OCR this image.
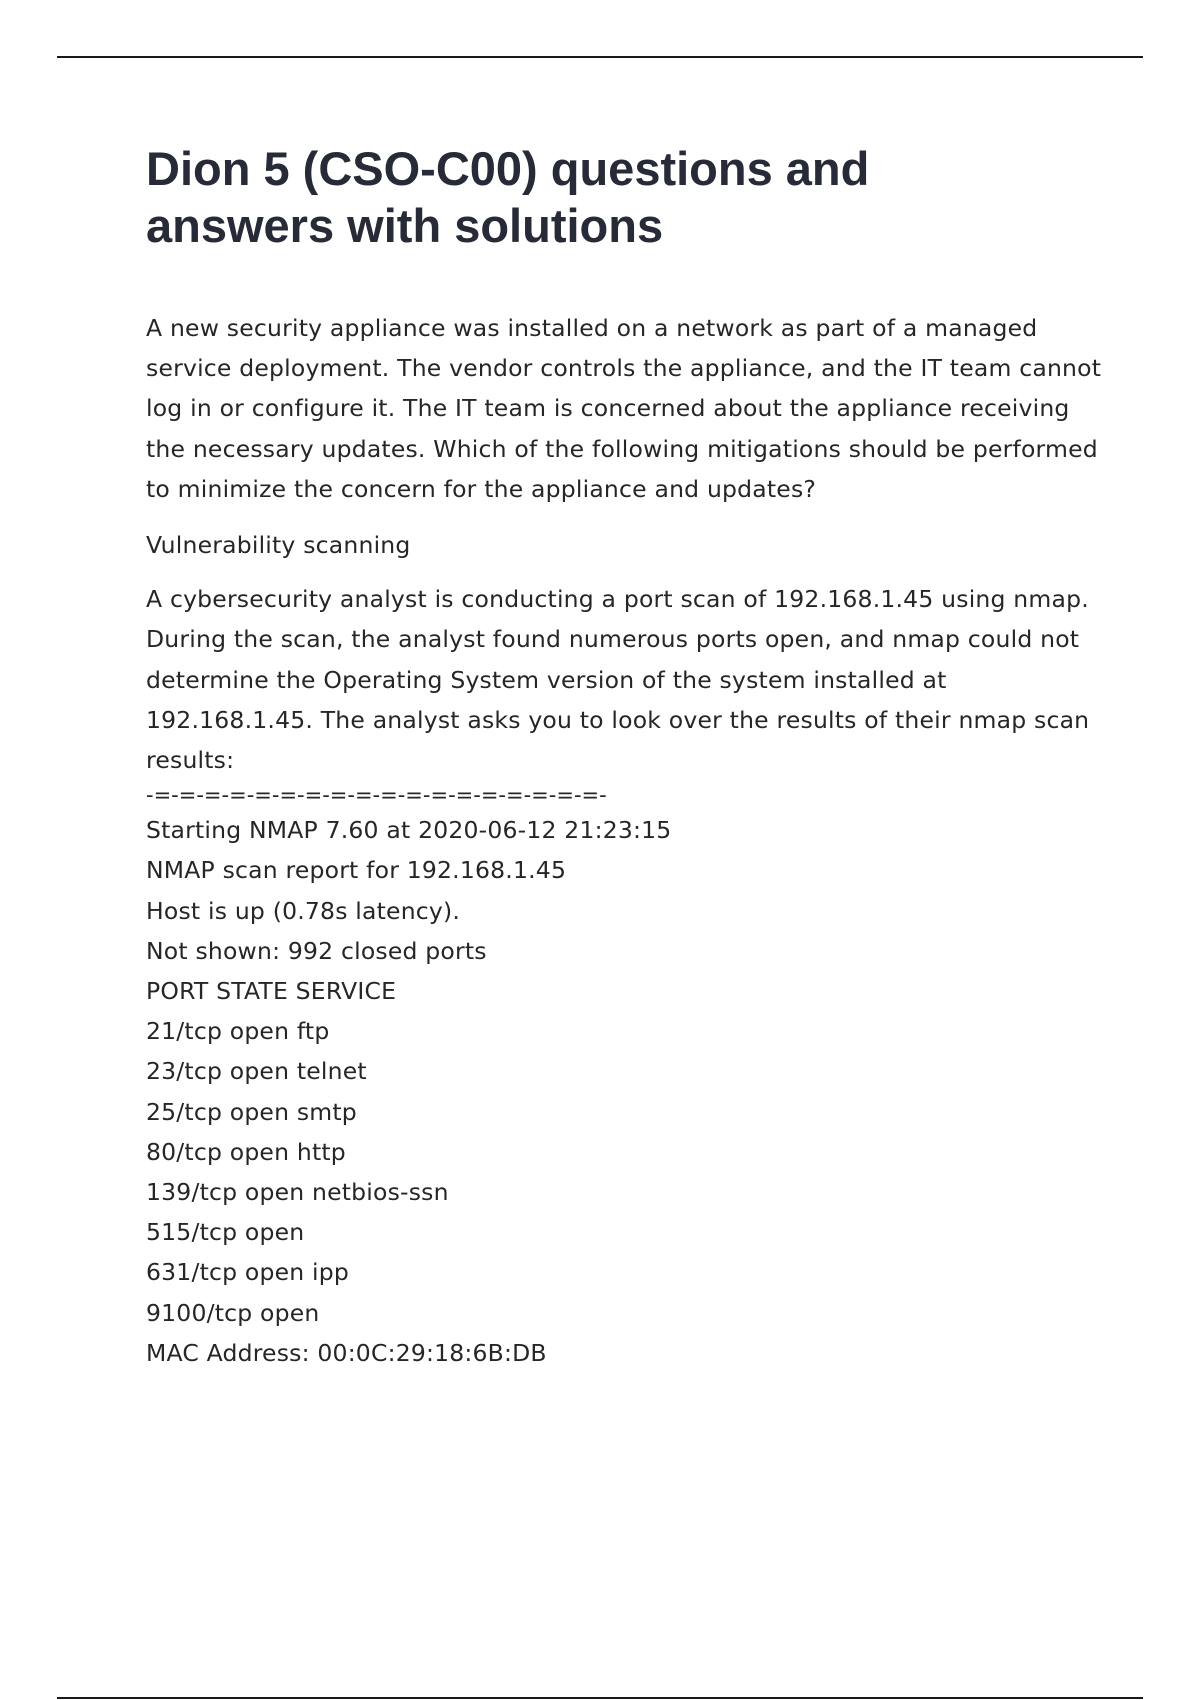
Dion 5 (CSO-C00) questions and answers with solutions

A new security appliance was installed on a network as part of a managed service deployment. The vendor controls the appliance, and the IT team cannot log in or configure it. The IT team is concerned about the appliance receiving the necessary updates. Which of the following mitigations should be performed to minimize the concern for the appliance and updates?

Vulnerability scanning

A cybersecurity analyst is conducting a port scan of 192.168.1.45 using nmap. During the scan, the analyst found numerous ports open, and nmap could not determine the Operating System version of the system installed at 192.168.1.45. The analyst asks you to look over the results of their nmap scan results:

-=-=-=-=-=-=-=-=-=-=-=-=-=-=-=-=-=-=-
Starting NMAP 7.60 at 2020-06-12 21:23:15
NMAP scan report for 192.168.1.45
Host is up (0.78s latency).
Not shown: 992 closed ports
PORT STATE SERVICE
21/tcp open ftp
23/tcp open telnet
25/tcp open smtp
80/tcp open http
139/tcp open netbios-ssn
515/tcp open
631/tcp open ipp
9100/tcp open
MAC Address: 00:0C:29:18:6B:DB
